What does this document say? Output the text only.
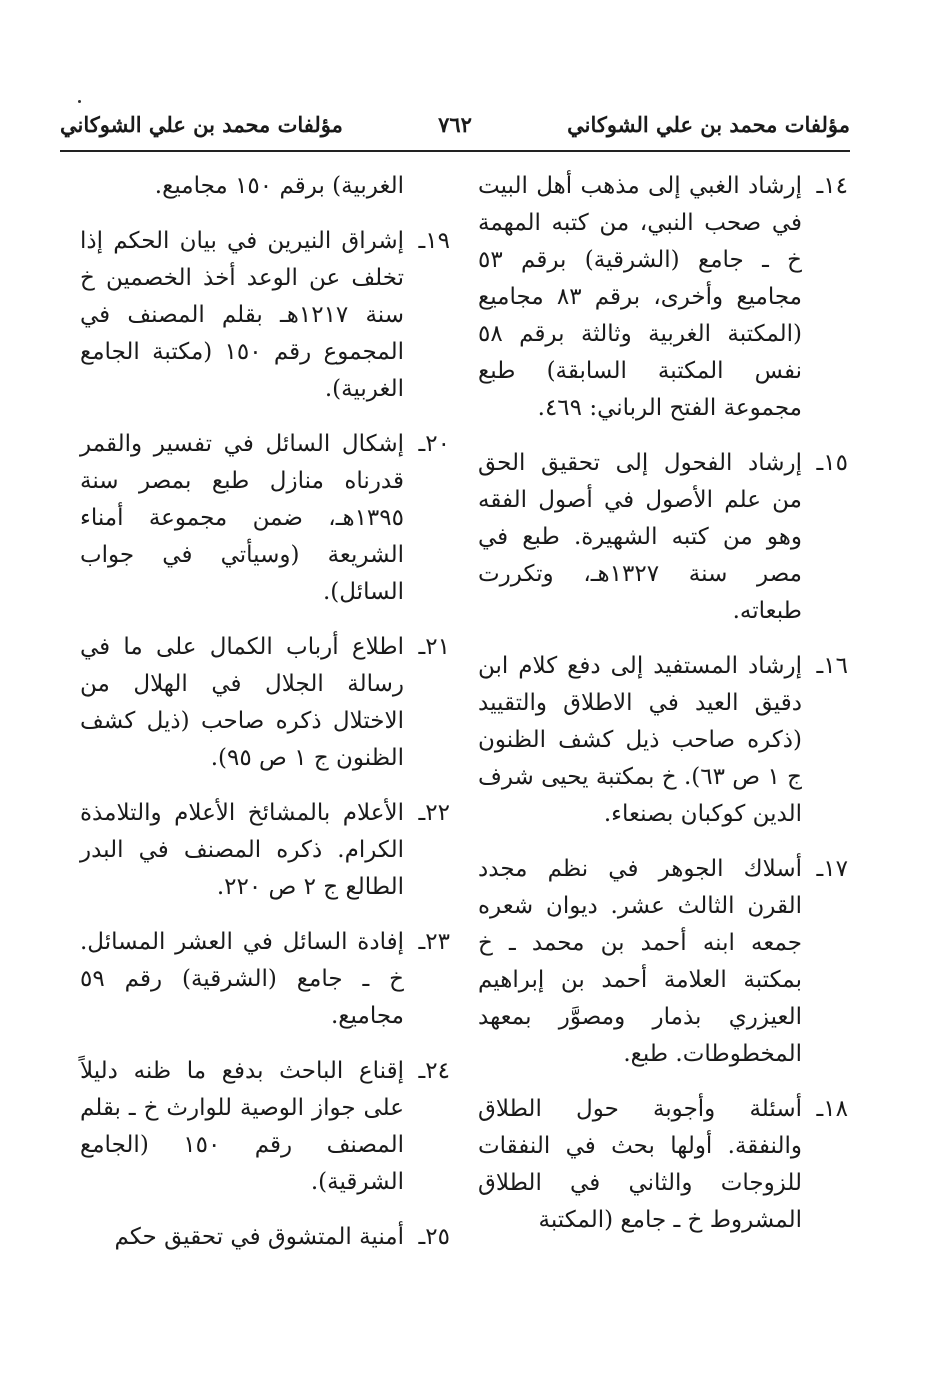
مؤلفات محمد بن علي الشوكاني
٧٦٢
مؤلفات محمد بن علي الشوكاني
١٤ـ
إرشاد الغبي إلى مذهب أهل البيت في صحب النبي، من كتبه المهمة خ ـ جامع (الشرقية) برقم ٥٣ مجاميع وأخرى، برقم ٨٣ مجاميع (المكتبة الغربية وثالثة برقم ٥٨ نفس المكتبة السابقة) طبع مجموعة الفتح الرباني: ٤٦٩.
١٥ـ
إرشاد الفحول إلى تحقيق الحق من علم الأصول في أصول الفقه وهو من كتبه الشهيرة. طبع في مصر سنة ١٣٢٧هـ، وتكررت طبعاته.
١٦ـ
إرشاد المستفيد إلى دفع كلام ابن دقيق العيد في الاطلاق والتقييد (ذكره صاحب ذيل كشف الظنون ج ١ ص ٦٣). خ بمكتبة يحيى شرف الدين كوكبان بصنعاء.
١٧ـ
أسلاك الجوهر في نظم مجدد القرن الثالث عشر. ديوان شعره جمعه ابنه أحمد بن محمد ـ خ بمكتبة العلامة أحمد بن إبراهيم العيزري بذمار ومصوَّر بمعهد المخطوطات. طبع.
١٨ـ
أسئلة وأجوبة حول الطلاق والنفقة. أولها بحث في النفقات للزوجات والثاني في الطلاق المشروط خ ـ جامع (المكتبة
الغربية) برقم ١٥٠ مجاميع.
١٩ـ
إشراق النيرين في بيان الحكم إذا تخلف عن الوعد أخذ الخصمين خ سنة ١٢١٧هـ بقلم المصنف في المجموع رقم ١٥٠ (مكتبة الجامع الغربية).
٢٠ـ
إشكال السائل في تفسير والقمر قدرناه منازل طبع بمصر سنة ١٣٩٥هـ، ضمن مجموعة أمناء الشريعة (وسيأتي في جواب السائل).
٢١ـ
اطلاع أرباب الكمال على ما في رسالة الجلال في الهلال من الاختلال ذكره صاحب (ذيل كشف الظنون ج ١ ص ٩٥).
٢٢ـ
الأعلام بالمشائخ الأعلام والتلامذة الكرام. ذكره المصنف في البدر الطالع ج ٢ ص ٢٢٠.
٢٣ـ
إفادة السائل في العشر المسائل. خ ـ جامع (الشرقية) رقم ٥٩ مجاميع.
٢٤ـ
إقناع الباحث بدفع ما ظنه دليلاً على جواز الوصية للوارث خ ـ بقلم المصنف رقم ١٥٠ (الجامع الشرقية).
٢٥ـ
أمنية المتشوق في تحقيق حكم
